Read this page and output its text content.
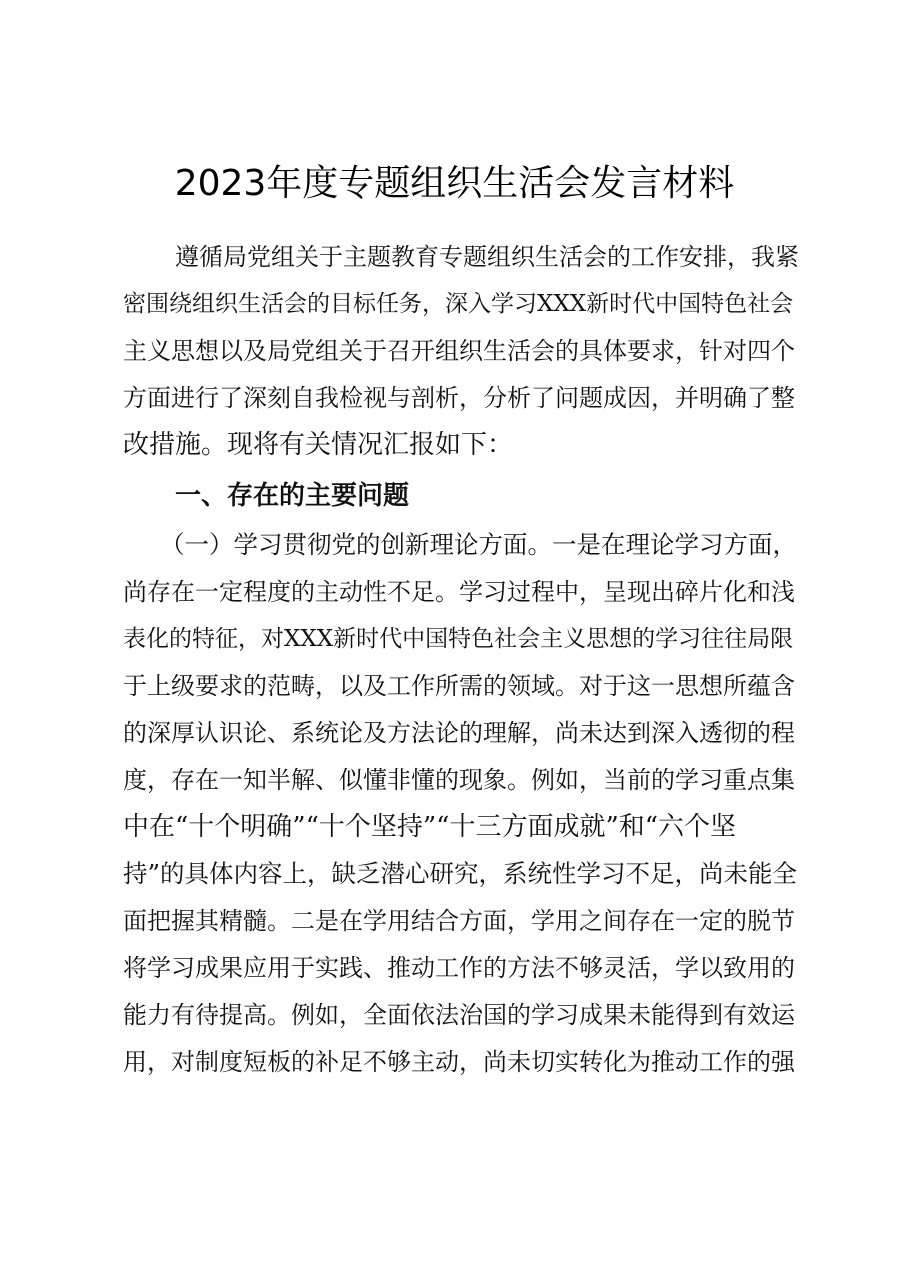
2023年度专题组织生活会发言材料
遵循局党组关于主题教育专题组织生活会的工作安排，我紧
密围绕组织生活会的目标任务，深入学习XXX新时代中国特色社会
主义思想以及局党组关于召开组织生活会的具体要求，针对四个
方面进行了深刻自我检视与剖析，分析了问题成因，并明确了整
改措施。现将有关情况汇报如下：
一、存在的主要问题
（一）学习贯彻党的创新理论方面。一是在理论学习方面，
尚存在一定程度的主动性不足。学习过程中，呈现出碎片化和浅
表化的特征，对XXX新时代中国特色社会主义思想的学习往往局限
于上级要求的范畴，以及工作所需的领域。对于这一思想所蕴含
的深厚认识论、系统论及方法论的理解，尚未达到深入透彻的程
度，存在一知半解、似懂非懂的现象。例如，当前的学习重点集
中在“十个明确”“十个坚持”“十三方面成就”和“六个坚
持”的具体内容上，缺乏潜心研究，系统性学习不足，尚未能全
面把握其精髓。二是在学用结合方面，学用之间存在一定的脱节
将学习成果应用于实践、推动工作的方法不够灵活，学以致用的
能力有待提高。例如，全面依法治国的学习成果未能得到有效运
用，对制度短板的补足不够主动，尚未切实转化为推动工作的强
